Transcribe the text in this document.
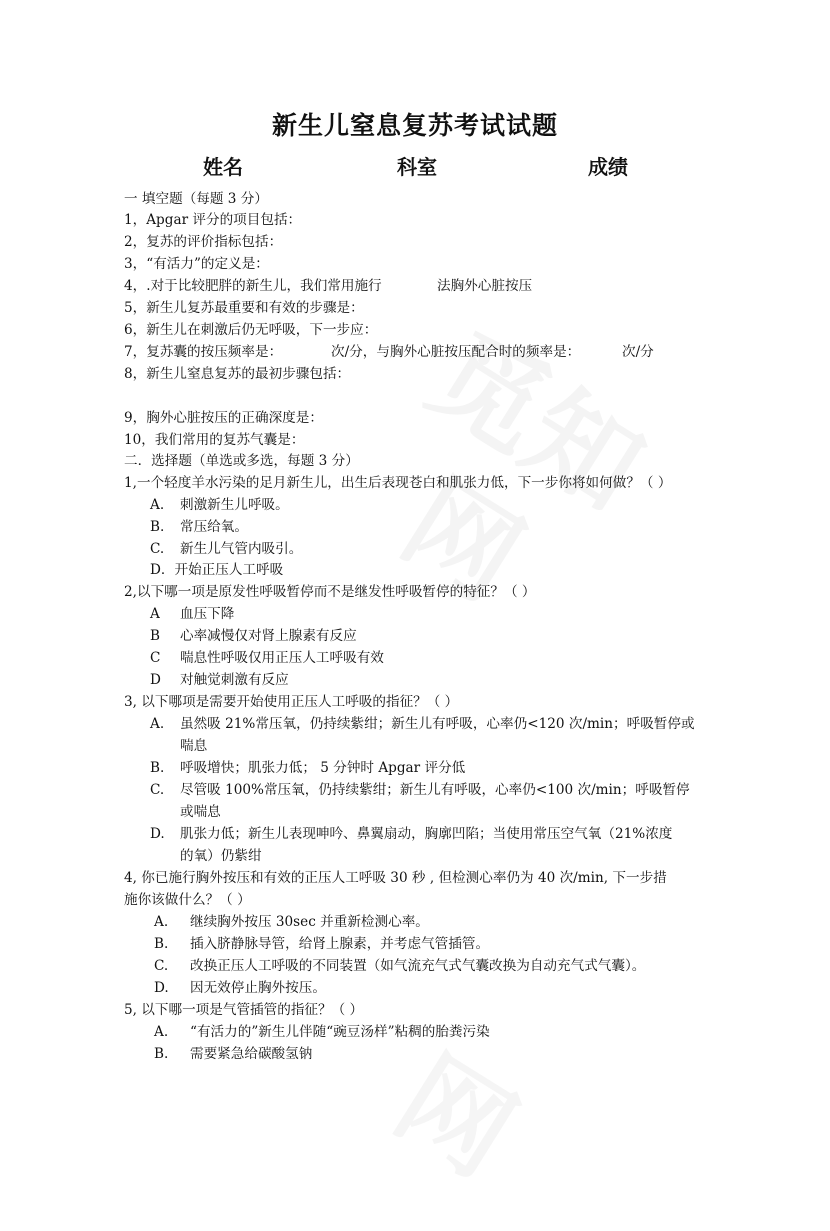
新生儿窒息复苏考试试题
姓名	科室	成绩
一 填空题（每题 3 分）
1，Apgar 评分的项目包括：
2，复苏的评价指标包括：
3，“有活力”的定义是：
4，.对于比较肥胖的新生儿，我们常用施行	法胸外心脏按压
5，新生儿复苏最重要和有效的步骤是：
6，新生儿在刺激后仍无呼吸，下一步应：
7，复苏囊的按压频率是：	次/分，与胸外心脏按压配合时的频率是：	次/分
8，新生儿窒息复苏的最初步骤包括：
9，胸外心脏按压的正确深度是：
10，我们常用的复苏气囊是：
二．选择题（单选或多选，每题 3 分）
1,一个轻度羊水污染的足月新生儿，出生后表现苍白和肌张力低，下一步你将如何做？（ ）
A. 刺激新生儿呼吸。
B. 常压给氧。
C. 新生儿气管内吸引。
D．开始正压人工呼吸
2,以下哪一项是原发性呼吸暂停而不是继发性呼吸暂停的特征？（ ）
A 血压下降
B 心率减慢仅对肾上腺素有反应
C 喘息性呼吸仅用正压人工呼吸有效
D 对触觉刺激有反应
3, 以下哪项是需要开始使用正压人工呼吸的指征？（ ）
A. 虽然吸 21%常压氧，仍持续紫绀；新生儿有呼吸，心率仍<120 次/min；呼吸暂停或
喘息
B. 呼吸增快；肌张力低； 5 分钟时 Apgar 评分低
C. 尽管吸 100%常压氧，仍持续紫绀；新生儿有呼吸，心率仍<100 次/min；呼吸暂停
或喘息
D. 肌张力低；新生儿表现呻吟、鼻翼扇动，胸廓凹陷；当使用常压空气氧（21%浓度
的氧）仍紫绀
4, 你已施行胸外按压和有效的正压人工呼吸 30 秒 , 但检测心率仍为 40 次/min, 下一步措
施你该做什么？（ ）
A. 继续胸外按压 30sec 并重新检测心率。
B. 插入脐静脉导管，给肾上腺素，并考虑气管插管。
C. 改换正压人工呼吸的不同装置（如气流充气式气囊改换为自动充气式气囊）。
D. 因无效停止胸外按压。
5, 以下哪一项是气管插管的指征？（ ）
A. “有活力的”新生儿伴随“豌豆汤样”粘稠的胎粪污染
B. 需要紧急给碳酸氢钠
